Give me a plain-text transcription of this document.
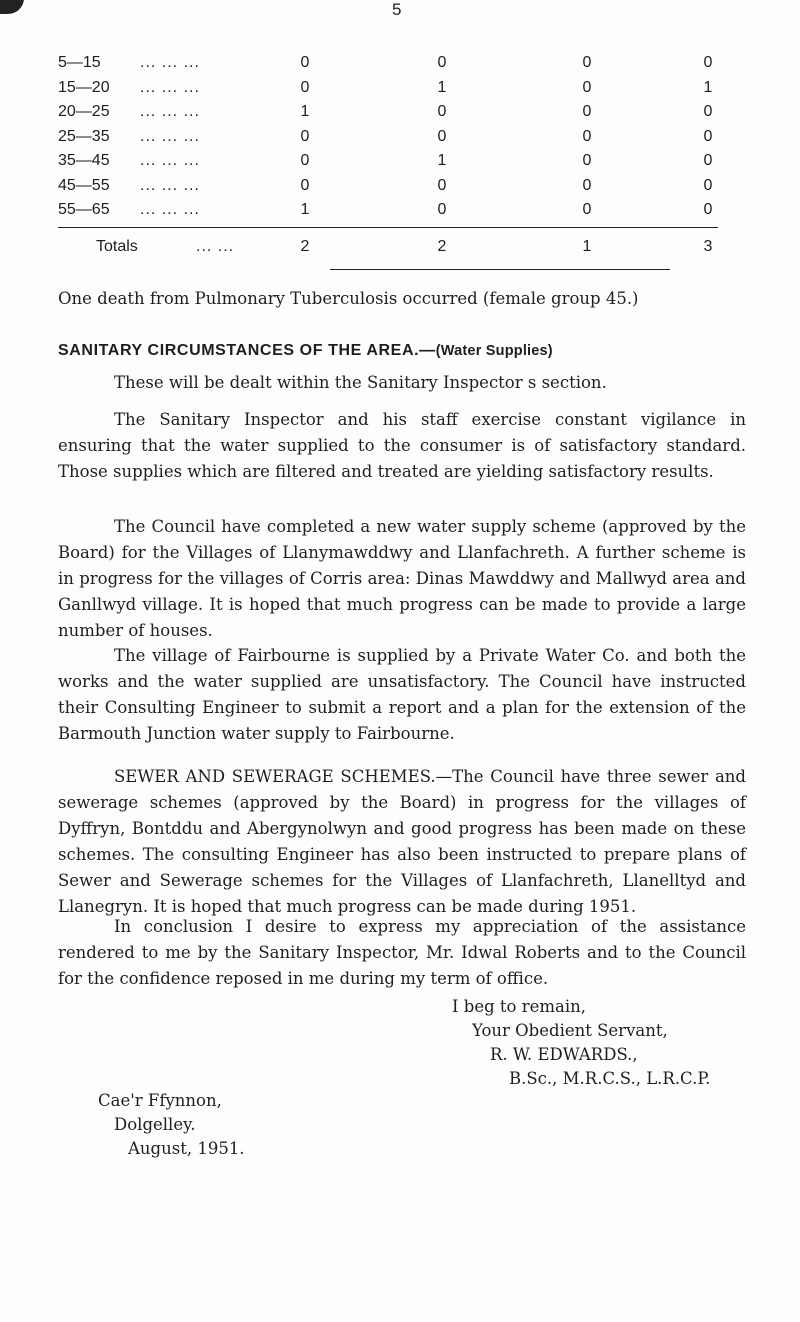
5
5—15 ... ... ...	0	0	0	0
15—20 ... ... ...	0	1	0	1
20—25 ... ... ...	1	0	0	0
25—35 ... ... ...	0	0	0	0
35—45 ... ... ...	0	1	0	0
45—55 ... ... ...	0	0	0	0
55—65 ... ... ...	1	0	0	0
Totals	... ...	2	2	1	3
One death from Pulmonary Tuberculosis occurred (female group 45.)
SANITARY CIRCUMSTANCES OF THE AREA.—(Water Supplies)
These will be dealt within the Sanitary Inspector s section.
The Sanitary Inspector and his staff exercise constant vigilance in ensuring that the water supplied to the consumer is of satisfactory standard. Those supplies which are filtered and treated are yielding satisfactory results.
The Council have completed a new water supply scheme (approved by the Board) for the Villages of Llanymawddwy and Llanfachreth. A further scheme is in progress for the villages of Corris area: Dinas Mawddwy and Mallwyd area and Ganllwyd village. It is hoped that much progress can be made to provide a large number of houses.
The village of Fairbourne is supplied by a Private Water Co. and both the works and the water supplied are unsatisfactory. The Council have instructed their Consulting Engineer to submit a report and a plan for the extension of the Barmouth Junction water supply to Fairbourne.
SEWER AND SEWERAGE SCHEMES.—The Council have three sewer and sewerage schemes (approved by the Board) in progress for the villages of Dyffryn, Bontddu and Abergynolwyn and good progress has been made on these schemes. The consulting Engineer has also been instructed to prepare plans of Sewer and Sewerage schemes for the Villages of Llanfachreth, Llanelltyd and Llanegryn. It is hoped that much progress can be made during 1951.
In conclusion I desire to express my appreciation of the assistance rendered to me by the Sanitary Inspector, Mr. Idwal Roberts and to the Council for the confidence reposed in me during my term of office.
I beg to remain,
Your Obedient Servant,
R. W. EDWARDS.,
B.Sc., M.R.C.S., L.R.C.P.
Cae'r Ffynnon,
Dolgelley.
August, 1951.
